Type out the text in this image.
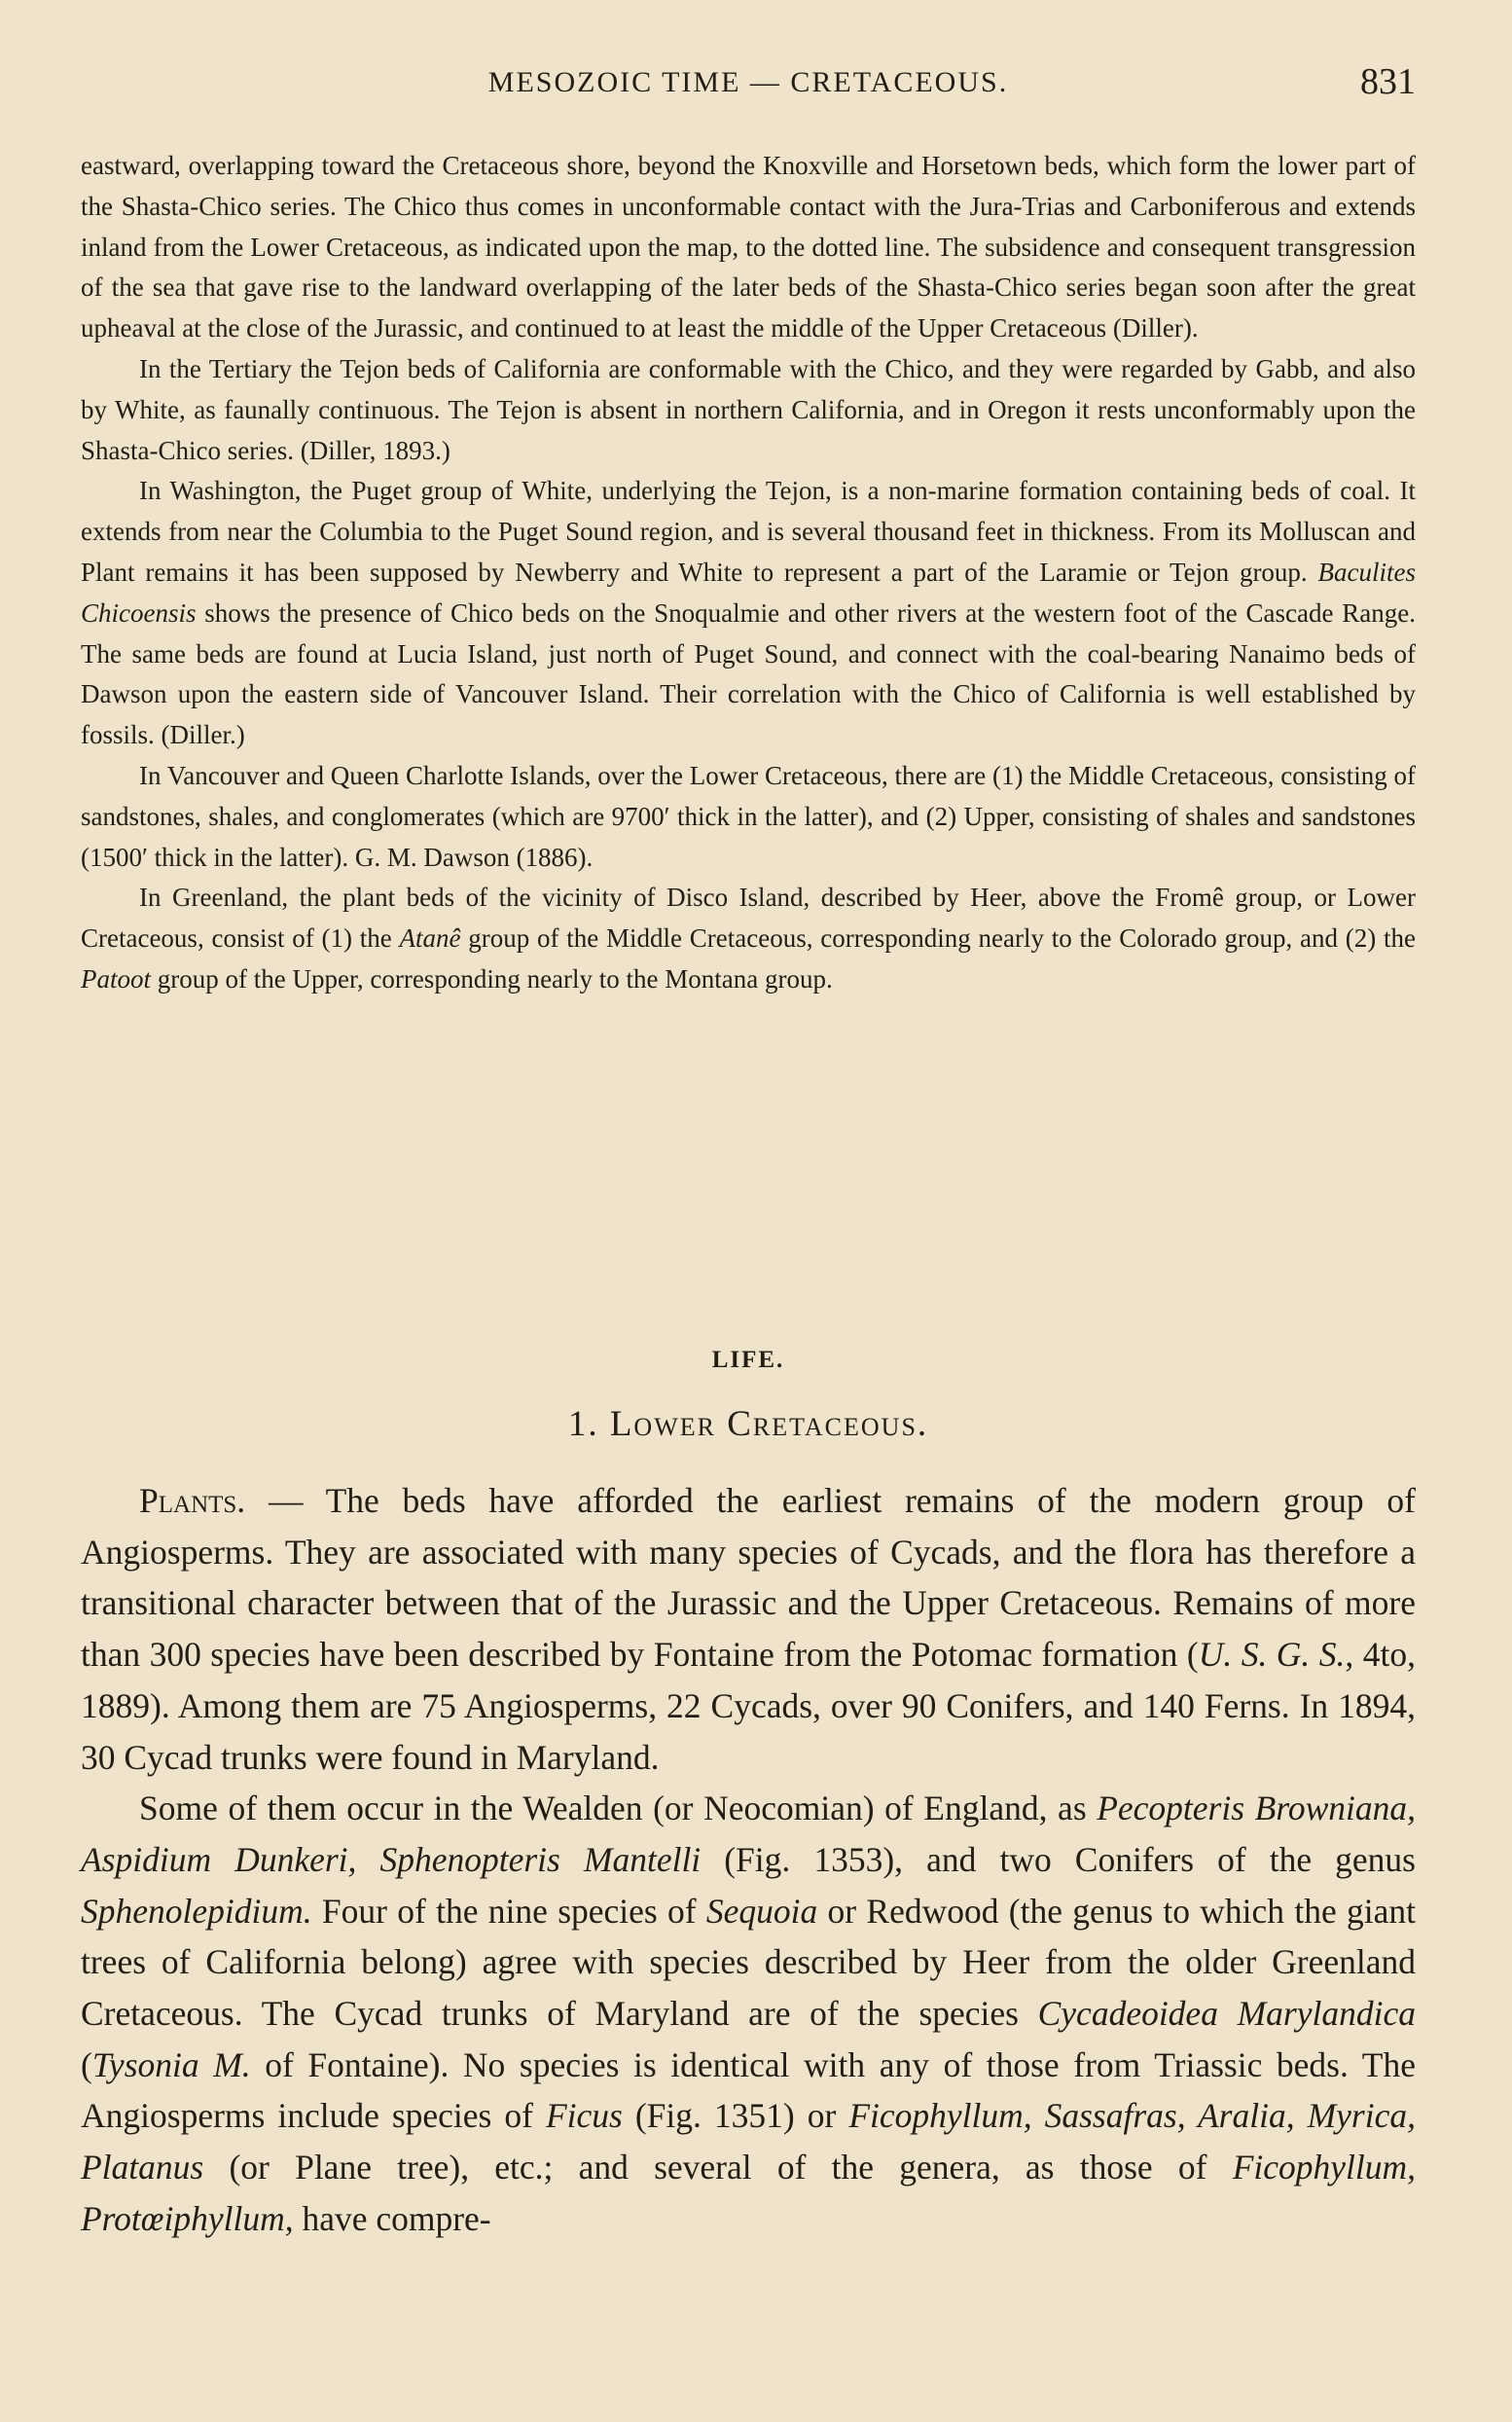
MESOZOIC TIME — CRETACEOUS.	831

eastward, overlapping toward the Cretaceous shore, beyond the Knoxville and Horsetown beds, which form the lower part of the Shasta-Chico series. The Chico thus comes in unconformable contact with the Jura-Trias and Carboniferous and extends inland from the Lower Cretaceous, as indicated upon the map, to the dotted line. The subsidence and consequent transgression of the sea that gave rise to the landward overlapping of the later beds of the Shasta-Chico series began soon after the great upheaval at the close of the Jurassic, and continued to at least the middle of the Upper Cretaceous (Diller).

In the Tertiary the Tejon beds of California are conformable with the Chico, and they were regarded by Gabb, and also by White, as faunally continuous. The Tejon is absent in northern California, and in Oregon it rests unconformably upon the Shasta-Chico series. (Diller, 1893.)

In Washington, the Puget group of White, underlying the Tejon, is a non-marine formation containing beds of coal. It extends from near the Columbia to the Puget Sound region, and is several thousand feet in thickness. From its Molluscan and Plant remains it has been supposed by Newberry and White to represent a part of the Laramie or Tejon group. Baculites Chicoensis shows the presence of Chico beds on the Snoqualmie and other rivers at the western foot of the Cascade Range. The same beds are found at Lucia Island, just north of Puget Sound, and connect with the coal-bearing Nanaimo beds of Dawson upon the eastern side of Vancouver Island. Their correlation with the Chico of California is well established by fossils. (Diller.)

In Vancouver and Queen Charlotte Islands, over the Lower Cretaceous, there are (1) the Middle Cretaceous, consisting of sandstones, shales, and conglomerates (which are 9700′ thick in the latter), and (2) Upper, consisting of shales and sandstones (1500′ thick in the latter). G. M. Dawson (1886).

In Greenland, the plant beds of the vicinity of Disco Island, described by Heer, above the Fromê group, or Lower Cretaceous, consist of (1) the Atanê group of the Middle Cretaceous, corresponding nearly to the Colorado group, and (2) the Patoot group of the Upper, corresponding nearly to the Montana group.

LIFE.
1. Lower Cretaceous.

Plants. — The beds have afforded the earliest remains of the modern group of Angiosperms. They are associated with many species of Cycads, and the flora has therefore a transitional character between that of the Jurassic and the Upper Cretaceous. Remains of more than 300 species have been described by Fontaine from the Potomac formation (U. S. G. S., 4to, 1889). Among them are 75 Angiosperms, 22 Cycads, over 90 Conifers, and 140 Ferns. In 1894, 30 Cycad trunks were found in Maryland.

Some of them occur in the Wealden (or Neocomian) of England, as Pecopteris Browniana, Aspidium Dunkeri, Sphenopteris Mantelli (Fig. 1353), and two Conifers of the genus Sphenolepidium. Four of the nine species of Sequoia or Redwood (the genus to which the giant trees of California belong) agree with species described by Heer from the older Greenland Cretaceous. The Cycad trunks of Maryland are of the species Cycadeoidea Marylandica (Tysonia M. of Fontaine). No species is identical with any of those from Triassic beds. The Angiosperms include species of Ficus (Fig. 1351) or Ficophyllum, Sassafras, Aralia, Myrica, Platanus (or Plane tree), etc.; and several of the genera, as those of Ficophyllum, Protœiphyllum, have compre-
